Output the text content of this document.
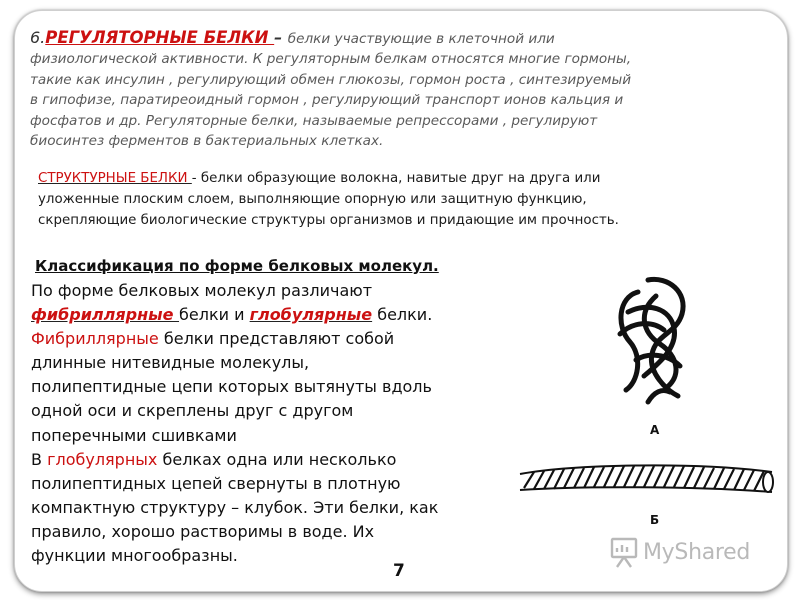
6.РЕГУЛЯТОРНЫЕ БЕЛКИ – белки участвующие в клеточной или
физиологической активности. К регуляторным белкам относятся многие гормоны,
такие как инсулин , регулирующий обмен глюкозы, гормон роста , синтезируемый
в гипофизе, паратиреоидный гормон , регулирующий транспорт ионов кальция и
фосфатов и др. Регуляторные белки, называемые репрессорами , регулируют
биосинтез ферментов в бактериальных клетках.
СТРУКТУРНЫЕ БЕЛКИ - белки образующие волокна, навитые друг на друга или
уложенные плоским слоем, выполняющие опорную или защитную функцию,
скрепляющие биологические структуры организмов и придающие им прочность.
Классификация по форме белковых молекул.
По форме белковых молекул различают
фибриллярные белки и глобулярные белки.
Фибриллярные белки представляют собой
длинные нитевидные молекулы,
полипептидные цепи которых вытянуты вдоль
одной оси и скреплены друг с другом
поперечными сшивками
В глобулярных белках одна или несколько
полипептидных цепей свернуты в плотную
компактную структуру – клубок. Эти белки, как
правило, хорошо растворимы в воде. Их
функции многообразны.
А
Б
7
MyShared
